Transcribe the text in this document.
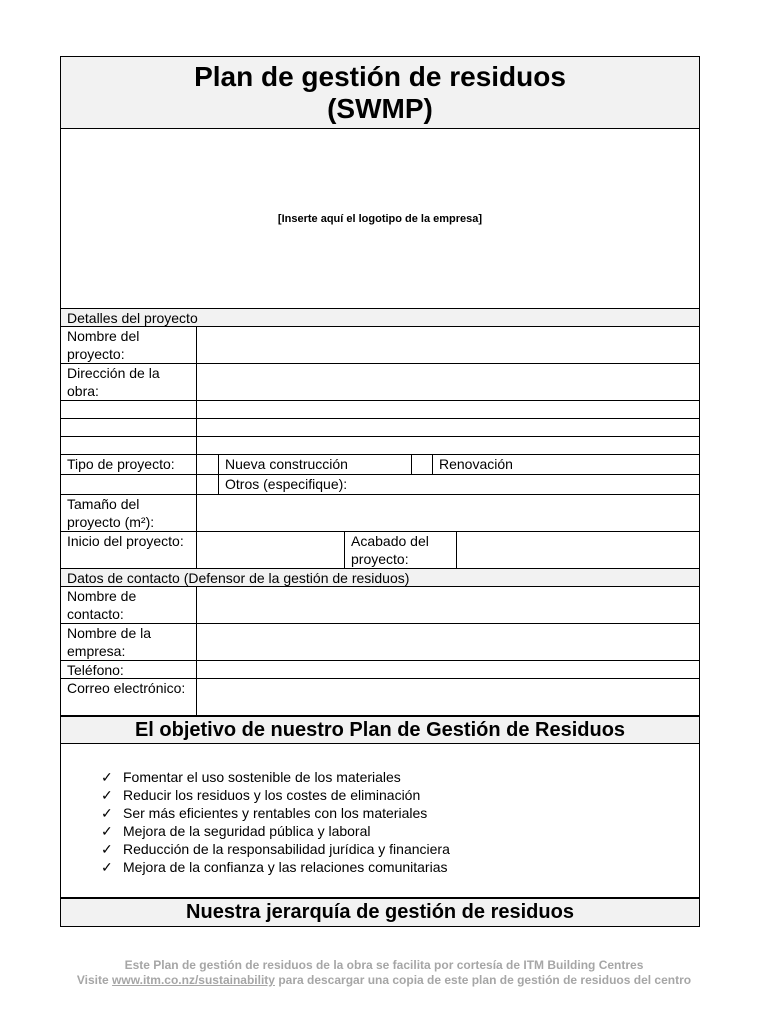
Plan de gestión de residuos
(SWMP)
[Inserte aquí el logotipo de la empresa]
Detalles del proyecto
Nombre del proyecto:
Dirección de la obra:
Tipo de proyecto:	Nueva construcción	Renovación
Otros (especifique):
Tamaño del proyecto (m²):
Inicio del proyecto:	Acabado del proyecto:
Datos de contacto (Defensor de la gestión de residuos)
Nombre de contacto:
Nombre de la empresa:
Teléfono:
Correo electrónico:
El objetivo de nuestro Plan de Gestión de Residuos
✓ Fomentar el uso sostenible de los materiales
✓ Reducir los residuos y los costes de eliminación
✓ Ser más eficientes y rentables con los materiales
✓ Mejora de la seguridad pública y laboral
✓ Reducción de la responsabilidad jurídica y financiera
✓ Mejora de la confianza y las relaciones comunitarias
Nuestra jerarquía de gestión de residuos
Este Plan de gestión de residuos de la obra se facilita por cortesía de ITM Building Centres
Visite www.itm.co.nz/sustainability para descargar una copia de este plan de gestión de residuos del centro
